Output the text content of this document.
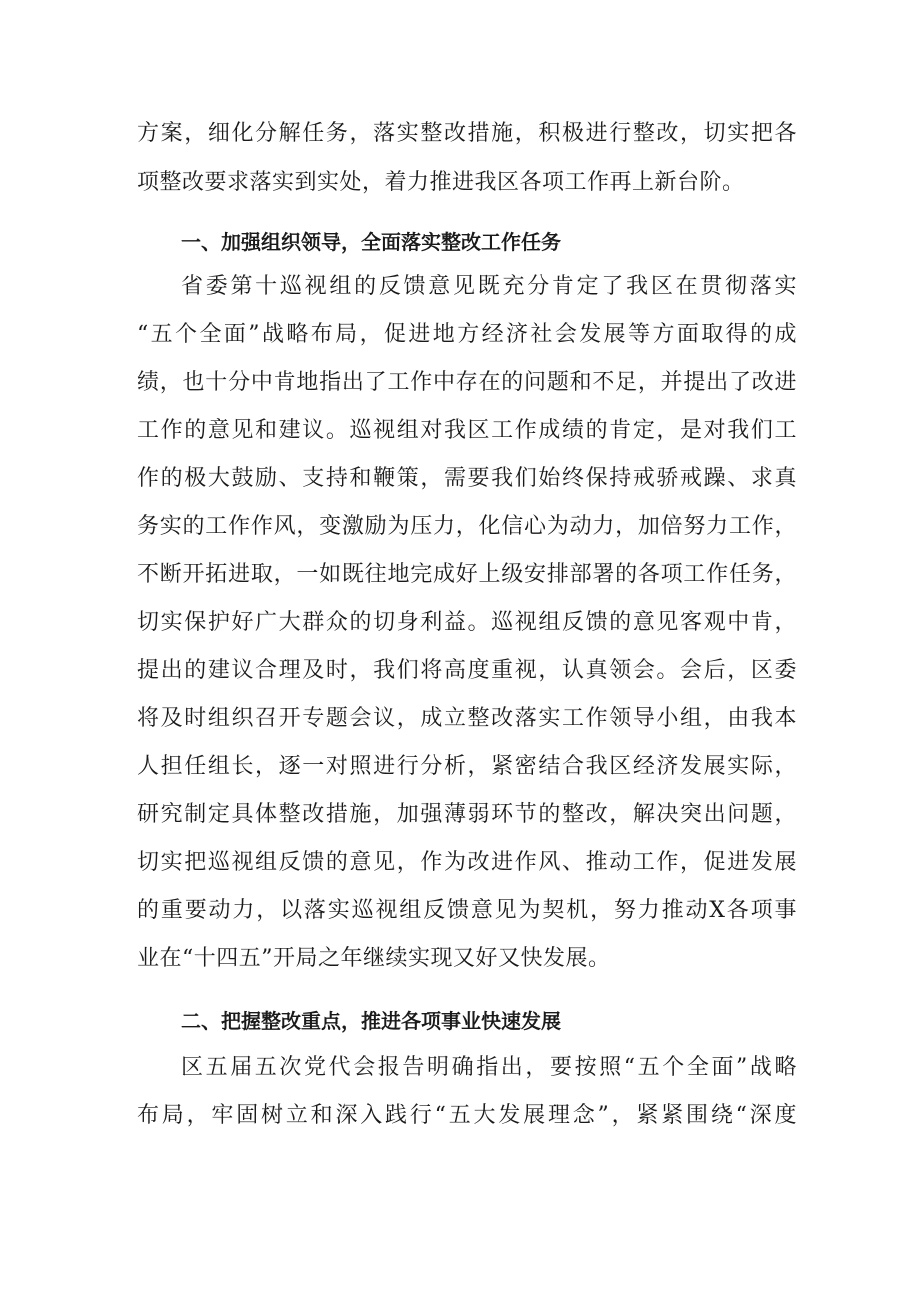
方案，细化分解任务，落实整改措施，积极进行整改，切实把各
项整改要求落实到实处，着力推进我区各项工作再上新台阶。
一、加强组织领导，全面落实整改工作任务
省委第十巡视组的反馈意见既充分肯定了我区在贯彻落实
“五个全面”战略布局，促进地方经济社会发展等方面取得的成
绩，也十分中肯地指出了工作中存在的问题和不足，并提出了改进
工作的意见和建议。巡视组对我区工作成绩的肯定，是对我们工
作的极大鼓励、支持和鞭策，需要我们始终保持戒骄戒躁、求真
务实的工作作风，变激励为压力，化信心为动力，加倍努力工作，
不断开拓进取，一如既往地完成好上级安排部署的各项工作任务，
切实保护好广大群众的切身利益。巡视组反馈的意见客观中肯，
提出的建议合理及时，我们将高度重视，认真领会。会后，区委
将及时组织召开专题会议，成立整改落实工作领导小组，由我本
人担任组长，逐一对照进行分析，紧密结合我区经济发展实际，
研究制定具体整改措施，加强薄弱环节的整改，解决突出问题，
切实把巡视组反馈的意见，作为改进作风、推动工作，促进发展
的重要动力，以落实巡视组反馈意见为契机，努力推动X各项事
业在“十四五”开局之年继续实现又好又快发展。
二、把握整改重点，推进各项事业快速发展
区五届五次党代会报告明确指出，要按照“五个全面”战略
布局，牢固树立和深入践行“五大发展理念”，紧紧围绕“深度
